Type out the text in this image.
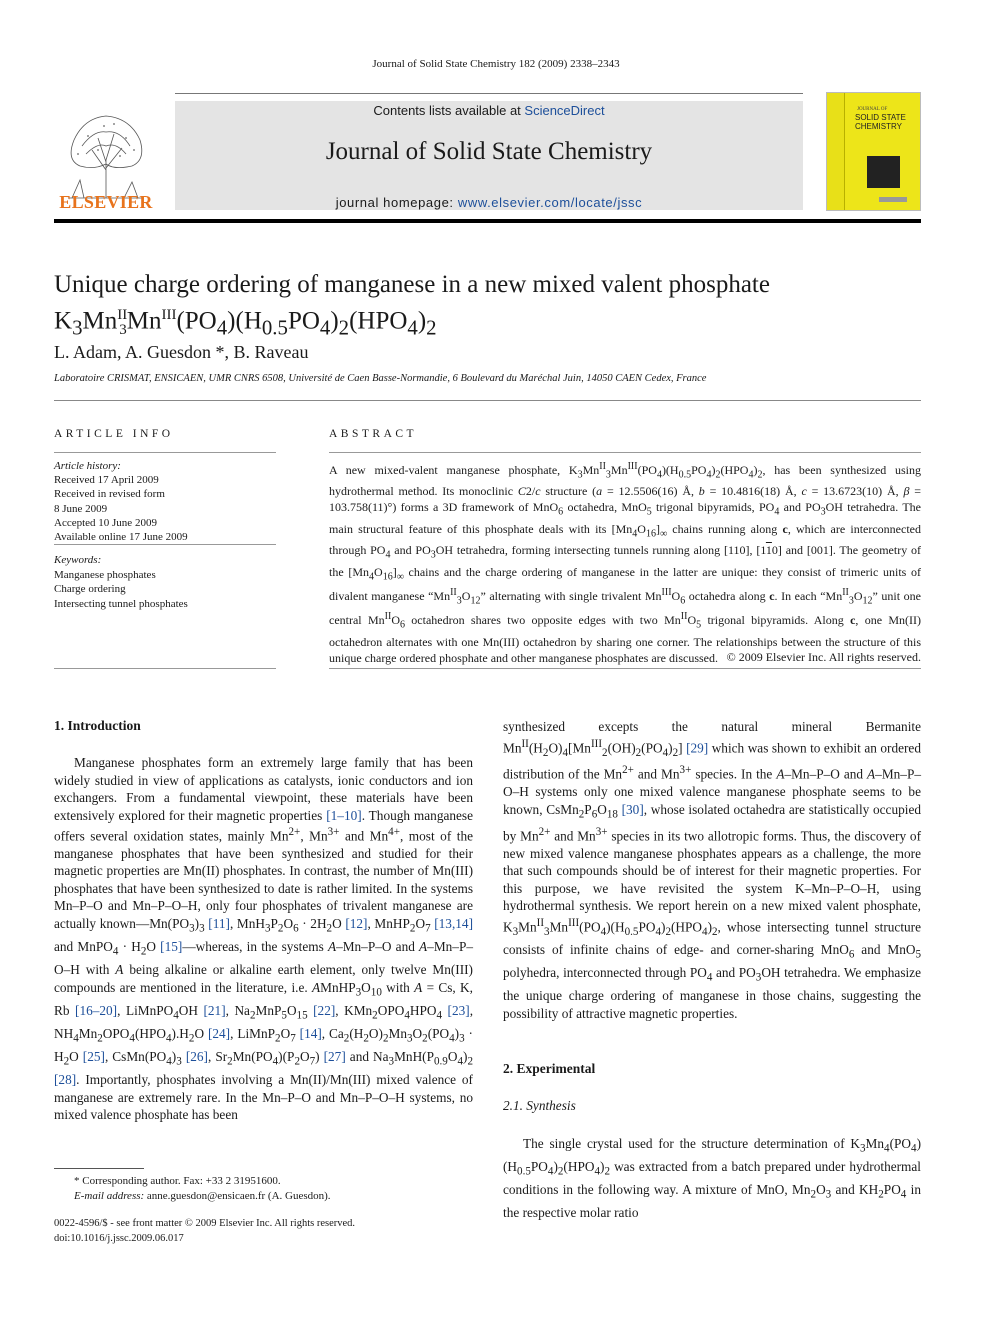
Journal of Solid State Chemistry 182 (2009) 2338–2343
ELSEVIER
Contents lists available at ScienceDirect
Journal of Solid State Chemistry
journal homepage: www.elsevier.com/locate/jssc
JOURNAL OF
SOLID STATE
CHEMISTRY
Unique charge ordering of manganese in a new mixed valent phosphate
$K_3Mn^{II}_3Mn^{III}(PO_4)(H_{0.5}PO_4)_2(HPO_4)_2$
L. Adam, A. Guesdon *, B. Raveau
Laboratoire CRISMAT, ENSICAEN, UMR CNRS 6508, Université de Caen Basse-Normandie, 6 Boulevard du Maréchal Juin, 14050 CAEN Cedex, France
ARTICLE INFO	ABSTRACT
Article history:
Received 17 April 2009
Received in revised form
8 June 2009
Accepted 10 June 2009
Available online 17 June 2009
Keywords:
Manganese phosphates
Charge ordering
Intersecting tunnel phosphates
A new mixed-valent manganese phosphate, $K_3Mn^{II}_3Mn^{III}(PO_4)(H_{0.5}PO_4)_2(HPO_4)_2$, has been synthesized using hydrothermal method. Its monoclinic C2/c structure (a = 12.5506(16) Å, b = 10.4816(18) Å, c = 13.6723(10) Å, β = 103.758(11)°) forms a 3D framework of MnO$_6$ octahedra, MnO$_5$ trigonal bipyramids, $PO_4$ and $PO_3OH$ tetrahedra. The main structural feature of this phosphate deals with its $[Mn_4O_{16}]_\infty$ chains running along c, which are interconnected through $PO_4$ and $PO_3OH$ tetrahedra, forming intersecting tunnels running along [110], [110] and [001]. The geometry of the $[Mn_4O_{16}]_\infty$ chains and the charge ordering of manganese in the latter are unique: they consist of trimeric units of divalent manganese “$Mn^{II}_3O_{12}$” alternating with single trivalent $Mn^{III}O_6$ octahedra along c. In each “$Mn^{II}_3O_{12}$” unit one central $Mn^{II}O_6$ octahedron shares two opposite edges with two $Mn^{II}O_5$ trigonal bipyramids. Along c, one Mn(II) octahedron alternates with one Mn(III) octahedron by sharing one corner. The relationships between the structure of this unique charge ordered phosphate and other manganese phosphates are discussed. © 2009 Elsevier Inc. All rights reserved.
1. Introduction
Manganese phosphates form an extremely large family that has been widely studied in view of applications as catalysts, ionic conductors and ion exchangers. From a fundamental viewpoint, these materials have been extensively explored for their magnetic properties [1–10]. Though manganese offers several oxidation states, mainly $Mn^{2+}$, $Mn^{3+}$ and $Mn^{4+}$, most of the manganese phosphates that have been synthesized and studied for their magnetic properties are Mn(II) phosphates. In contrast, the number of Mn(III) phosphates that have been synthesized to date is rather limited. In the systems Mn–P–O and Mn–P–O–H, only four phosphates of trivalent manganese are actually $known—Mn(PO_3)_3$ [11], $MnH_3P_2O_6 \cdot 2H_2O$ [12], $MnHP_2O_7$ [13,14] and MnPO$_4$ · $H_2O$ [15]—whereas, in the systems A–Mn–P–O and A–Mn–P–O–H with A being alkaline or alkaline earth element, only twelve Mn(III) compounds are mentioned in the literature, i.e. $AMnHP_3O_{10}$ with A = Cs, K, Rb [16–20], LiMnPO$_4$OH [21], $Na_2MnP_5O_{15}$ [22], $KMn_2OPO_4HPO_4$ [23], $NH_4Mn_2OPO_4(HPO_4).H_2O$ [24], $LiMnP_2O_7$ [14], $Ca_2(H_2O)_2Mn_3O_2(PO_4)_3 \cdot H_2O$ [25], $CsMn(PO_4)_3$ [26], $Sr_2Mn(PO_4)(P_2O_7)$ [27] and $Na_3MnH(P_{0.9}O_4)_2$ [28]. Importantly, phosphates involving a Mn(II)/Mn(III) mixed valence of manganese are extremely rare. In the Mn–P–O and Mn–P–O–H systems, no mixed valence phosphate has been
synthesized excepts the natural mineral Bermanite $Mn^{II}(H_2O)_4[Mn^{III}_2(OH)_2(PO_4)_2]$ [29] which was shown to exhibit an ordered distribution of the $Mn^{2+}$ and $Mn^{3+}$ species. In the A–Mn–P–O and A–Mn–P–O–H systems only one mixed valence manganese phosphate seems to be known, $CsMn_2P_6O_{18}$ [30], whose isolated octahedra are statistically occupied by $Mn^{2+}$ and $Mn^{3+}$ species in its two allotropic forms. Thus, the discovery of new mixed valence manganese phosphates appears as a challenge, the more that such compounds should be of interest for their magnetic properties. For this purpose, we have revisited the system K–Mn–P–O–H, using hydrothermal synthesis. We report herein on a new mixed valent phosphate, $K_3Mn^{II}_3Mn^{III}(PO_4)(H_{0.5}PO_4)_2(HPO_4)_2$, whose intersecting tunnel structure consists of infinite chains of edge- and corner-sharing MnO$_6$ and MnO$_5$ polyhedra, interconnected through $PO_4$ and $PO_3OH$ tetrahedra. We emphasize the unique charge ordering of manganese in those chains, suggesting the possibility of attractive magnetic properties.
2. Experimental
2.1. Synthesis
The single crystal used for the structure determination of $K_3Mn_4(PO_4)(H_{0.5}PO_4)_2(HPO_4)_2$ was extracted from a batch prepared under hydrothermal conditions in the following way. A mixture of MnO, $Mn_2O_3$ and $KH_2PO_4$ in the respective molar ratio
* Corresponding author. Fax: +33 2 31951600.
E-mail address: anne.guesdon@ensicaen.fr (A. Guesdon).
0022-4596/$ - see front matter © 2009 Elsevier Inc. All rights reserved.
doi:10.1016/j.jssc.2009.06.017
